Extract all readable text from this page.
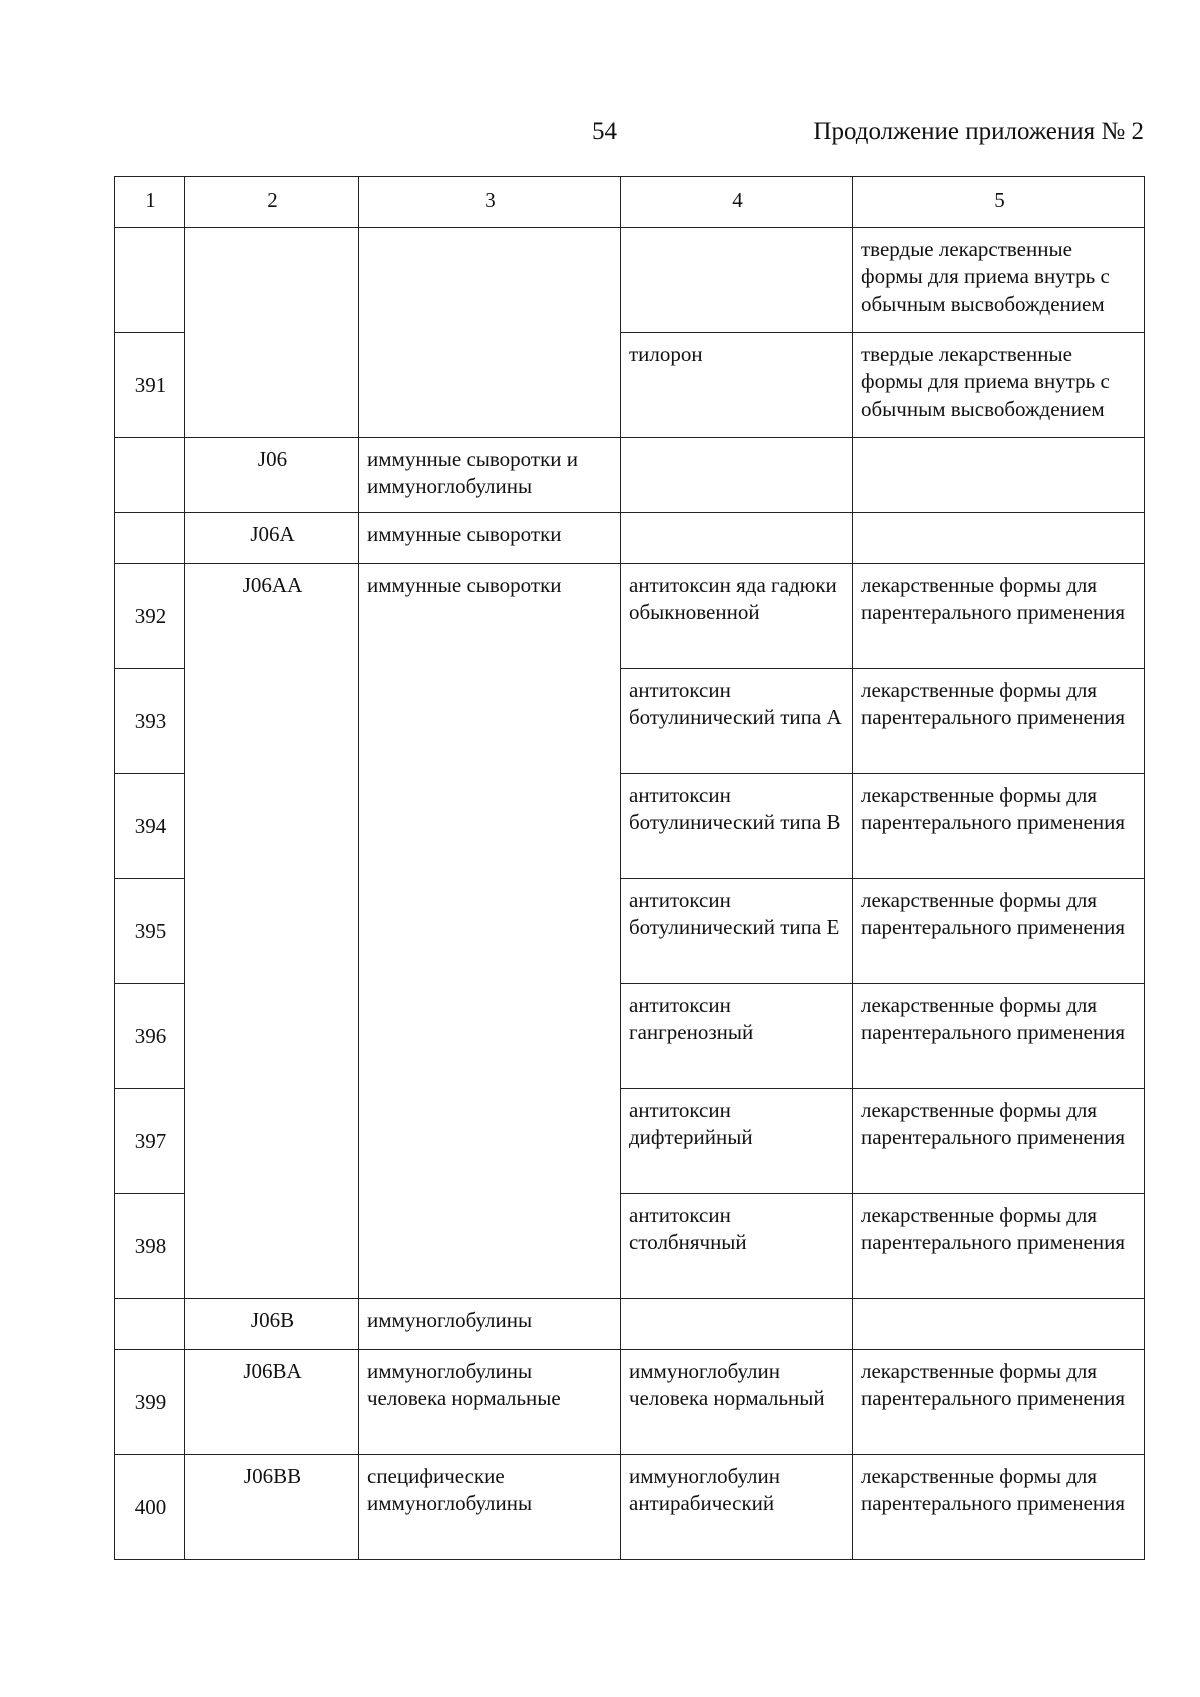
54	Продолжение приложения № 2
1	2	3	4	5
				твердые лекарственные формы для приема внутрь с обычным высвобождением
391			тилорон	твердые лекарственные формы для приема внутрь с обычным высвобождением
	J06	иммунные сыворотки и иммуноглобулины		
	J06A	иммунные сыворотки		
392	J06AA	иммунные сыворотки	антитоксин яда гадюки обыкновенной	лекарственные формы для парентерального применения
393			антитоксин ботулинический типа А	лекарственные формы для парентерального применения
394			антитоксин ботулинический типа В	лекарственные формы для парентерального применения
395			антитоксин ботулинический типа Е	лекарственные формы для парентерального применения
396			антитоксин гангренозный	лекарственные формы для парентерального применения
397			антитоксин дифтерийный	лекарственные формы для парентерального применения
398			антитоксин столбнячный	лекарственные формы для парентерального применения
	J06B	иммуноглобулины		
399	J06BA	иммуноглобулины человека нормальные	иммуноглобулин человека нормальный	лекарственные формы для парентерального применения
400	J06BB	специфические иммуноглобулины	иммуноглобулин антирабический	лекарственные формы для парентерального применения
